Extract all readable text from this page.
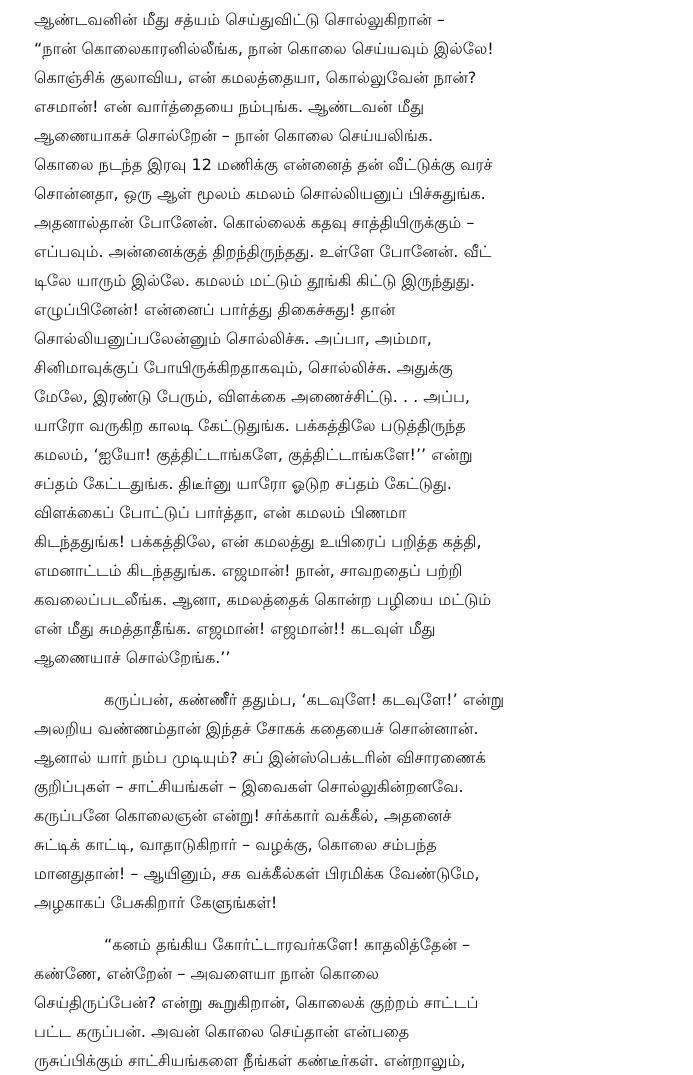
ஆண்டவனின் மீது சத்யம் செய்துவிட்டு சொல்லுகிறான் –
“நான் கொலைகாரனில்லீங்க, நான் கொலை செய்யவும் இல்லே!
கொஞ்சிக் குலாவிய, என் கமலத்தையா, கொல்லுவேன் நான்?
எசமான்! என் வார்த்தையை நம்புங்க. ஆண்டவன் மீது
ஆணையாகச் சொல்றேன் – நான் கொலை செய்யலிங்க.
கொலை நடந்த இரவு 12 மணிக்கு என்னைத் தன் வீட்டுக்கு வரச்
சொன்னதா, ஒரு ஆள் மூலம் கமலம் சொல்லியனுப் பிச்சுதுங்க.
அதனால்தான் போனேன். கொல்லைக் கதவு சாத்தியிருக்கும் –
எப்பவும். அன்னைக்குத் திறந்திருந்தது. உள்ளே போனேன். வீட்
டிலே யாரும் இல்லே. கமலம் மட்டும் தூங்கி கிட்டு இருந்துது.
எழுப்பினேன்! என்னைப் பார்த்து திகைச்சுது! தான்
சொல்லியனுப்பலேன்னும் சொல்லிச்சு. அப்பா, அம்மா,
சினிமாவுக்குப் போயிருக்கிறதாகவும், சொல்லிச்சு. அதுக்கு
மேலே, இரண்டு பேரும், விளக்கை அணைச்சிட்டு. . . அப்ப,
யாரோ வருகிற காலடி கேட்டுதுங்க. பக்கத்திலே படுத்திருந்த
கமலம், ‘ஐயோ! குத்திட்டாங்களே, குத்திட்டாங்களே!’’ என்று
சப்தம் கேட்டதுங்க. திடீர்னு யாரோ ஓடுற சப்தம் கேட்டுது.
விளக்கைப் போட்டுப் பார்த்தா, என் கமலம் பிணமா
கிடந்ததுங்க! பக்கத்திலே, என் கமலத்து உயிரைப் பறித்த கத்தி,
எமனாட்டம் கிடந்ததுங்க. எஜமான்! நான், சாவறதைப் பற்றி
கவலைப்படலீங்க. ஆனா, கமலத்தைக் கொன்ற பழியை மட்டும்
என் மீது சுமத்தாதீங்க. எஜமான்! எஜமான்!! கடவுள் மீது
ஆணையாச் சொல்றேங்க.’’
கருப்பன், கண்ணீர் ததும்ப, ‘கடவுளே! கடவுளே!’ என்று
அலறிய வண்ணம்தான் இந்தச் சோகக் கதையைச் சொன்னான்.
ஆனால் யார் நம்ப முடியும்? சப் இன்ஸ்பெக்டரின் விசாரணைக்
குறிப்புகள் – சாட்சியங்கள் – இவைகள் சொல்லுகின்றனவே.
கருப்பனே கொலைஞன் என்று! சர்க்கார் வக்கீல், அதனைச்
சுட்டிக் காட்டி, வாதாடுகிறார் – வழக்கு, கொலை சம்பந்த
மானதுதான்! – ஆயினும், சக வக்கீல்கள் பிரமிக்க வேண்டுமே,
அழகாகப் பேசுகிறார் கேளுங்கள்!
“கனம் தங்கிய கோர்ட்டாரவர்களே! காதலித்தேன் –
கண்ணே, என்றேன் – அவளையா நான் கொலை
செய்திருப்பேன்? என்று கூறுகிறான், கொலைக் குற்றம் சாட்டப்
பட்ட கருப்பன். அவன் கொலை செய்தான் என்பதை
ருசுப்பிக்கும் சாட்சியங்களை நீங்கள் கண்டீர்கள். என்றாலும்,
